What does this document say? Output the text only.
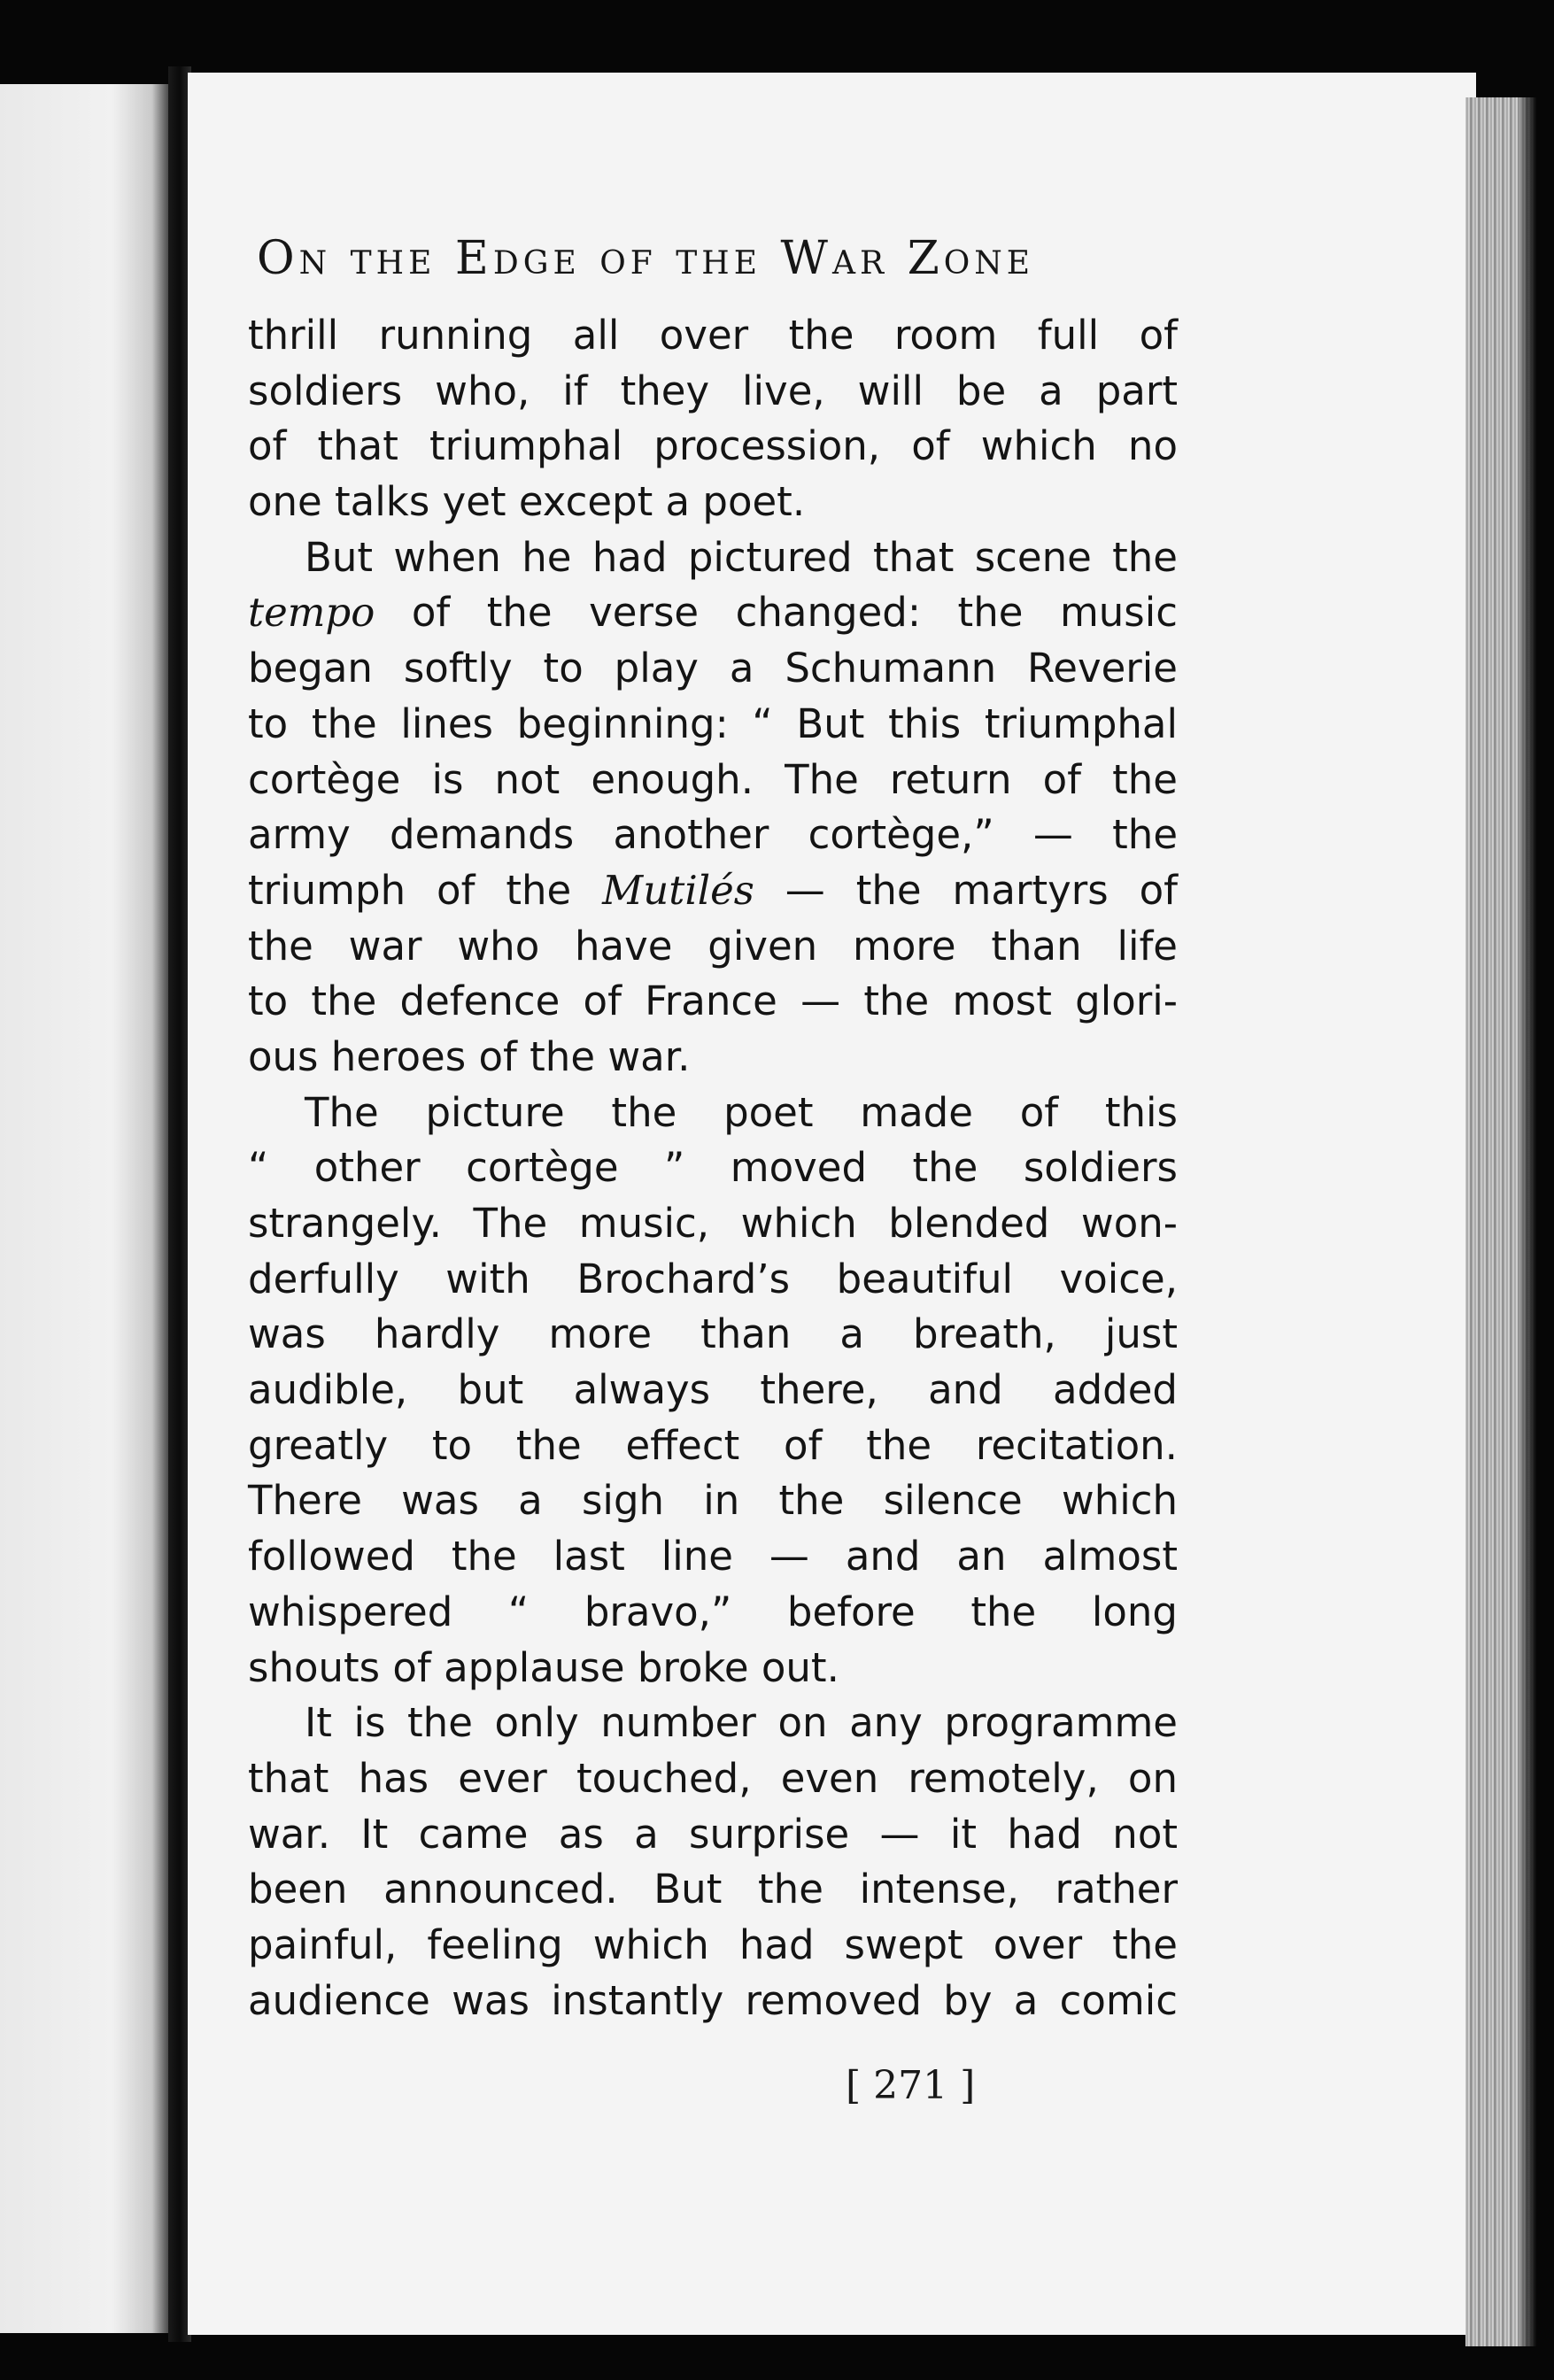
On the Edge of the War Zone
thrill running all over the room full of
soldiers who, if they live, will be a part
of that triumphal procession, of which no
one talks yet except a poet.
But when he had pictured that scene the
tempo of the verse changed: the music
began softly to play a Schumann Reverie
to the lines beginning: “ But this triumphal
cortège is not enough. The return of the
army demands another cortège,” — the
triumph of the Mutilés — the martyrs of
the war who have given more than life
to the defence of France — the most glori-
ous heroes of the war.
The picture the poet made of this
“ other cortège ” moved the soldiers
strangely. The music, which blended won-
derfully with Brochard’s beautiful voice,
was hardly more than a breath, just
audible, but always there, and added
greatly to the effect of the recitation.
There was a sigh in the silence which
followed the last line — and an almost
whispered “ bravo,” before the long
shouts of applause broke out.
It is the only number on any programme
that has ever touched, even remotely, on
war. It came as a surprise — it had not
been announced. But the intense, rather
painful, feeling which had swept over the
audience was instantly removed by a comic
[ 271 ]
